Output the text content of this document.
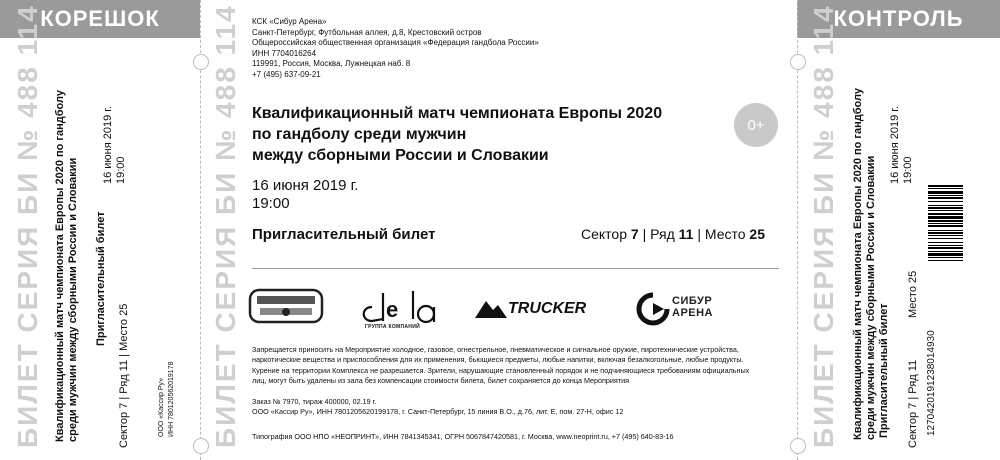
КОРЕШОК	КОНТРОЛЬ
БИЛЕТ СЕРИЯ БИ № 488 114 Квалификационный матч чемпионата Европы 2020 по гандболу среди мужчин между сборными России и Словакии
16 июня 2019 г. 19:00
Пригласительный билет
Сектор 7 | Ряд 11 | Место 25	ООО «Кассир Ру» ИНН 780120562019178 БИЛЕТ СЕРИЯ БИ № 488 114 КСК «Сибур Арена»
Санкт-Петербург, Футбольная аллея, д.8, Крестовский остров
Общероссийская общественная организация «Федерация гандбола России»
ИНН 7704016264
119991, Россия, Москва, Лужнецкая наб. 8
+7 (495) 637-09-21
Квалификационный матч чемпионата Европы 2020
по гандболу среди мужчин
между сборными России и Словакии
0+
16 июня 2019 г.
19:00
Пригласительный билет	Сектор 7 | Ряд 11 | Место 25
e
ГРУППА КОМПАНИЙ
TRUCKER	СИБУР АРЕНА
Запрещается приносить на Мероприятие холодное, газовое, огнестрельное, пневматическое и сигнальное оружие, пиротехнические устройства,
наркотические вещества и приспособления для их применения, бьющиеся предметы, любые напитки, включая безалкогольные, любые продукты.
Курение на территории Комплекса не разрешается. Зрители, нарушающие становленный порядок и не подчиняющиеся требованиям официальных
лиц, могут быть удалены из зала без компенсации стоимости билета, билет сохраняется до конца Мероприятия
Заказ № 7970, тираж 400000, 02.19 г.
ООО «Кассир Ру», ИНН 7801205620199178, г. Санкт-Петербург, 15 линия В.О., д.76, лит. Е, пом. 27-Н, офис 12
Типография ООО НПО «НЕОПРИНТ», ИНН 7841345341, ОГРН 5067847420581, г. Москва, www.neoprint.ru, +7 (495) 640-83-16	БИЛЕТ СЕРИЯ БИ № 488 114 Квалификационный матч чемпионата Европы 2020 по гандболу среди мужчин между сборными России и Словакии
16 июня 2019 г. 19:00
Пригласительный билет Сектор 7 | Ряд 11
Место 25
1270420191238014930
